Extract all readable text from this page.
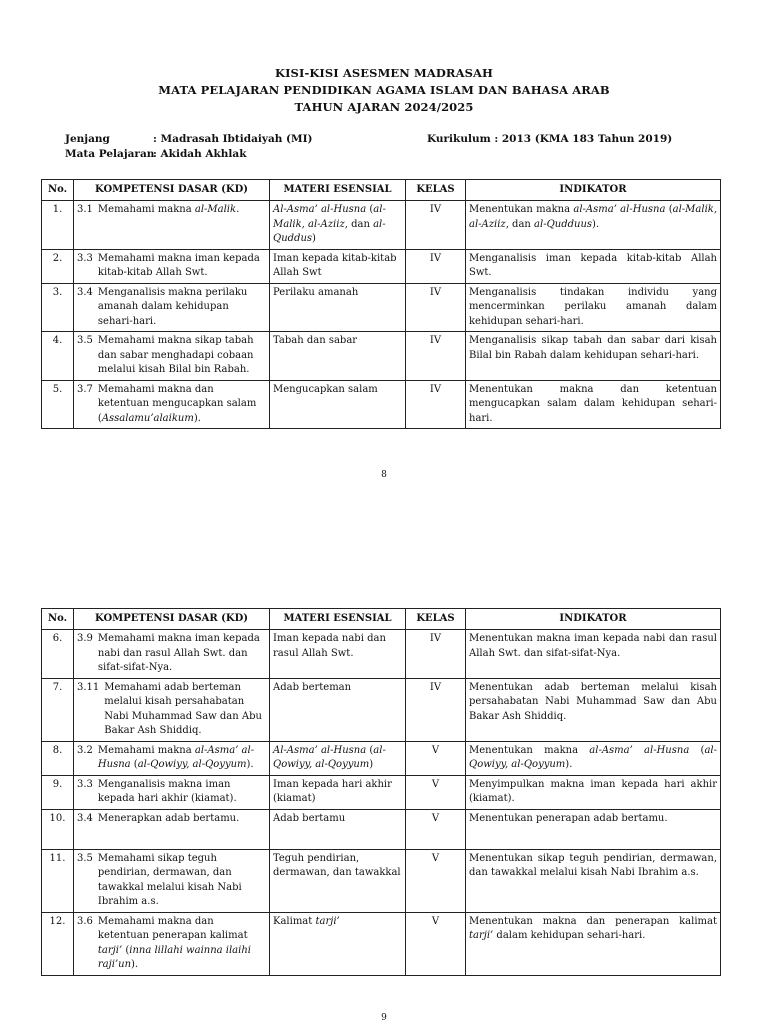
KISI-KISI ASESMEN MADRASAH
MATA PELAJARAN PENDIDIKAN AGAMA ISLAM DAN BAHASA ARAB
TAHUN AJARAN 2024/2025
Jenjang	: Madrasah Ibtidaiyah (MI)	Kurikulum : 2013 (KMA 183 Tahun 2019)
Mata Pelajaran
: Akidah Akhlak
No.	KOMPETENSI DASAR (KD)	MATERI ESENSIAL	KELAS	INDIKATOR
1.	3.1 Memahami makna al-Malik.	Al-Asma’ al-Husna (al-Malik, al-Aziiz, dan al-Quddus)	IV	Menentukan makna al-Asma’ al-Husna (al-Malik, al-Aziiz, dan al-Qudduus).
2.	3.3 Memahami makna iman kepada kitab-kitab Allah Swt.	Iman kepada kitab-kitab Allah Swt	IV	Menganalisis iman kepada kitab-kitab Allah Swt.
3.	3.4 Menganalisis makna perilaku amanah dalam kehidupan sehari-hari.	Perilaku amanah	IV	Menganalisis tindakan individu yang mencerminkan perilaku amanah dalam kehidupan sehari-hari.
4.	3.5 Memahami makna sikap tabah dan sabar menghadapi cobaan melalui kisah Bilal bin Rabah.	Tabah dan sabar	IV	Menganalisis sikap tabah dan sabar dari kisah Bilal bin Rabah dalam kehidupan sehari-hari.
5.	3.7 Memahami makna dan ketentuan mengucapkan salam (Assalamu’alaikum).	Mengucapkan salam	IV	Menentukan makna dan ketentuan mengucapkan salam dalam kehidupan sehari-hari.
8
No.	KOMPETENSI DASAR (KD)	MATERI ESENSIAL	KELAS	INDIKATOR
6.	3.9 Memahami makna iman kepada nabi dan rasul Allah Swt. dan sifat-sifat-Nya.	Iman kepada nabi dan rasul Allah Swt.	IV	Menentukan makna iman kepada nabi dan rasul Allah Swt. dan sifat-sifat-Nya.
7.	3.11 Memahami adab berteman melalui kisah persahabatan Nabi Muhammad Saw dan Abu Bakar Ash Shiddiq.	Adab berteman	IV	Menentukan adab berteman melalui kisah persahabatan Nabi Muhammad Saw dan Abu Bakar Ash Shiddiq.
8.	3.2 Memahami makna al-Asma’ al-Husna (al-Qowiyy, al-Qoyyum).	Al-Asma’ al-Husna (al-Qowiyy, al-Qoyyum)	V	Menentukan makna al-Asma’ al-Husna (al-Qowiyy, al-Qoyyum).
9.	3.3 Menganalisis makna iman kepada hari akhir (kiamat).	Iman kepada hari akhir (kiamat)	V	Menyimpulkan makna iman kepada hari akhir (kiamat).
10.	3.4 Menerapkan adab bertamu.	Adab bertamu	V	Menentukan penerapan adab bertamu.
11.	3.5 Memahami sikap teguh pendirian, dermawan, dan tawakkal melalui kisah Nabi Ibrahim a.s.	Teguh pendirian, dermawan, dan tawakkal	V	Menentukan sikap teguh pendirian, dermawan, dan tawakkal melalui kisah Nabi Ibrahim a.s.
12.	3.6 Memahami makna dan ketentuan penerapan kalimat tarji’ (inna lillahi wainna ilaihi raji’un).	Kalimat tarji’	V	Menentukan makna dan penerapan kalimat tarji’ dalam kehidupan sehari-hari.
9
